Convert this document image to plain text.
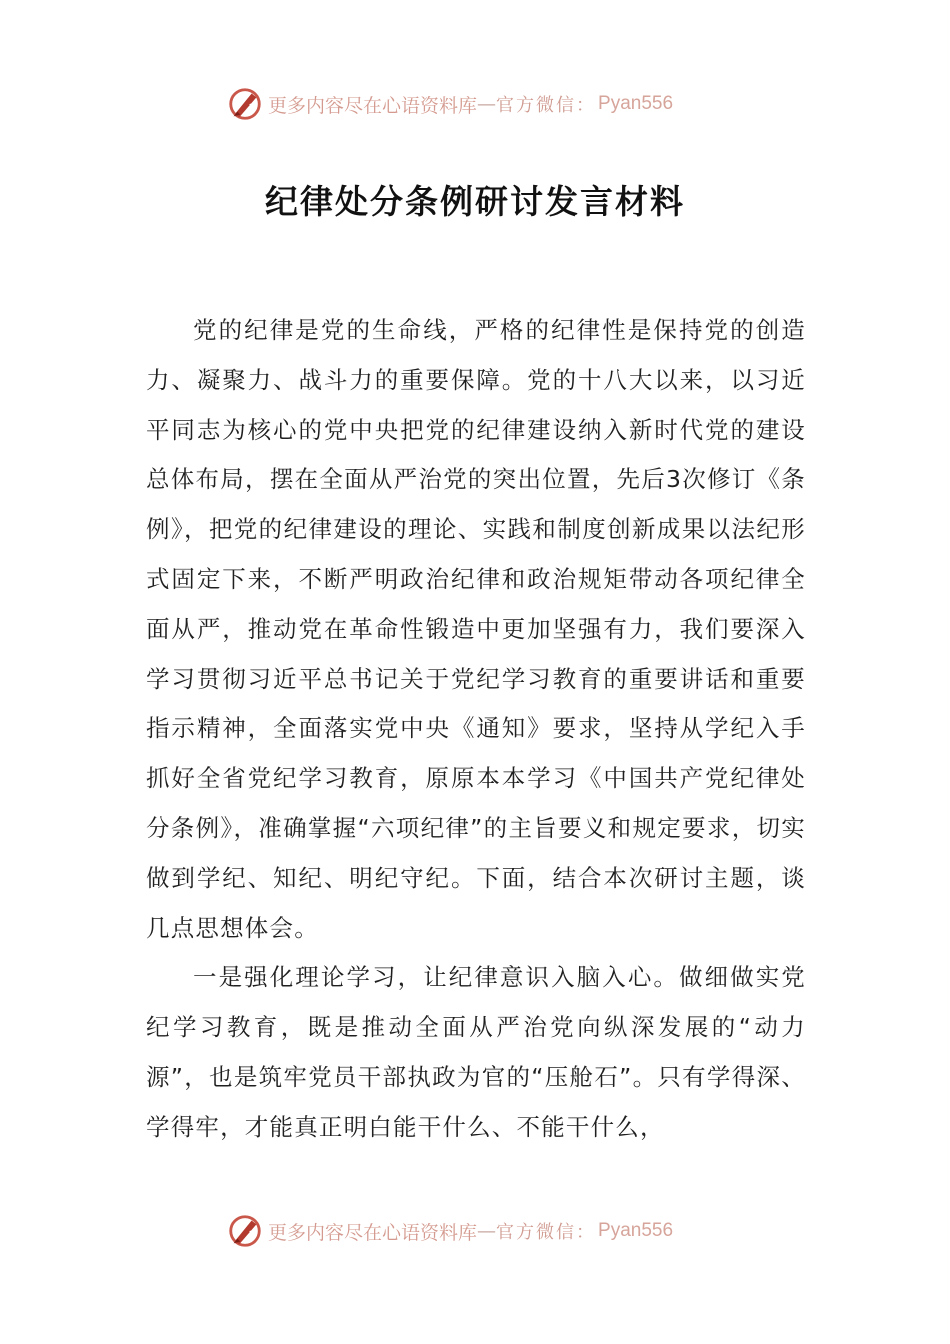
更多内容尽在心语资料库 — 官方微信： Pyan556
纪律处分条例研讨发言材料

党的纪律是党的生命线，严格的纪律性是保持党的创造力、凝聚力、战斗力的重要保障。党的十八大以来，以习近平同志为核心的党中央把党的纪律建设纳入新时代党的建设总体布局，摆在全面从严治党的突出位置，先后3次修订《条例》，把党的纪律建设的理论、实践和制度创新成果以法纪形式固定下来，不断严明政治纪律和政治规矩带动各项纪律全面从严，推动党在革命性锻造中更加坚强有力，我们要深入学习贯彻习近平总书记关于党纪学习教育的重要讲话和重要指示精神，全面落实党中央《通知》要求，坚持从学纪入手抓好全省党纪学习教育，原原本本学习《中国共产党纪律处分条例》，准确掌握“六项纪律”的主旨要义和规定要求，切实做到学纪、知纪、明纪守纪。下面，结合本次研讨主题，谈几点思想体会。

一是强化理论学习，让纪律意识入脑入心。做细做实党纪学习教育，既是推动全面从严治党向纵深发展的“动力源”，也是筑牢党员干部执政为官的“压舱石”。只有学得深、学得牢，才能真正明白能干什么、不能干什么，

更多内容尽在心语资料库 — 官方微信： Pyan556
